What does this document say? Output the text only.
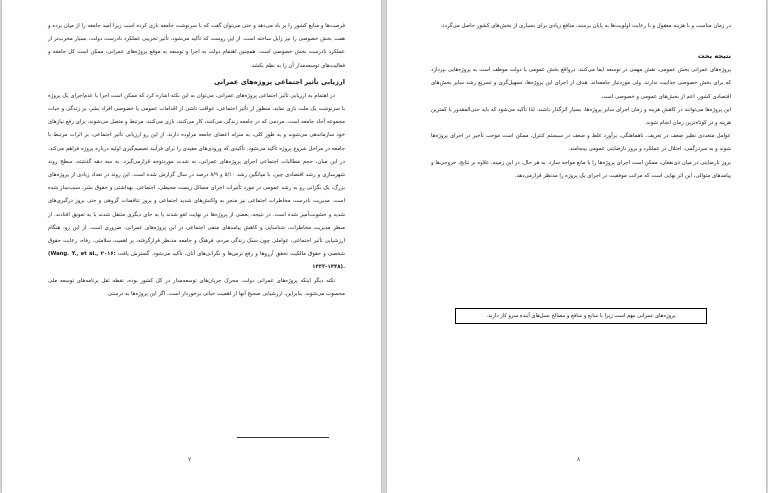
فرصت‌ها و منابع کشور را بر باد می‌دهد و حتی می‌توان گفت که با سرنوشت جامعه بازی کرده است زیرا امید جامعه را از میان برده و همت بخش خصوصی را نیز زایل ساخته است. از این روست که تأکید می‌شود، تأثیر تخریبی عملکرد نادرست دولت، بسیار مخرب‌تر از عملکرد نادرست بخش خصوصی است. همچنین اهتمام دولت به اجرا و توسعه به موقع پروژه‌های عمرانی، ممکن است کل جامعه و فعالیت‌های توسعه‌مدار آن را به نظم بکشد.

ارزیابی تأثیر اجتماعی پروژه‌های عمرانی

در اهتمام به ارزیابی تأثیر اجتماعی پروژه‌های عمرانی، می‌توان به این نکته اشاره کرد که ممکن است اجرا یا عدم‌اجرای یک پروژه با سرنوشت یک ملت بازی نماید. منظور از تأثیر اجتماعی، عواقب ناشی از اقدامات عمومی یا خصوصی افراد بشر، بر زندگی و حیات مجموعه آحاد جامعه است. مردمی که در جامعه زندگی می‌کنند، کار می‌کنند، بازی می‌کنند، مرتبط و متصل می‌شوند، برای رفع نیازهای خود سازماندهی می‌شوند و به طور کلی، به منزله اعضای جامعه مراوده دارند. از این رو ارزیابی تأثیر اجتماعی، بر اثرات مرتبط با جامعه در مراحل شروع پروژه تأکید می‌شود. تأکیدی که ورودی‌های مفیدی را برای فرآیند تصمیم‌گیری اولیه درباره پروژه فراهم می‌کند. در این میان، حجم مطالبات اجتماعی اجرای پروژه‌های عمرانی، به شدت موردتوجه قرارمی‌گیرد. به سه دهه گذشته، سطح روند شهرسازی و رشد اقتصادی چین، با میانگین رشد ۵/۱۰ و ۸/۹ درصد در سال گزارش شده است. این روند در تعداد زیادی از پروژه‌های بزرگ، یک نگرانی رو به رشد عمومی در مورد تأثیرات اجرای مسائل زیست محیطی، اجتماعی، بهداشتی و حقوق بشر، سبب‌ساز شده است. مدیریت نادرست مخاطرات اجتماعی نیز منجر به واکنش‌های شدید اجتماعی و بروز تناقضات گروهی و حتی بروز درگیری‌های شدید و خشونت‌آمیز شده است. در نتیجه، بعضی از پروژه‌ها در نهایت لغو شدند یا به جای دیگری منتقل شدند یا به تعویق افتادند. از منظر مدیریت مخاطرات، شناسایی و کاهش پیامدهای منفی اجتماعی در این پروژه‌های عمرانی، ضروری است. از این رو، هنگام ارزشیابی تأثیر اجتماعی، عواملی چون سبک زندگی مردم، فرهنگ و جامعه مدنظر قرارگرفته، بر اهمیت سلامتی، رفاه، رعایت حقوق شخصی و حقوق مالکیت تحقق آرزوها و رفع ترس‌ها و نگرانی‌های آنان، تأکید می‌شود. گسترش یافت (Wang. Y., et al., ۲۰۱۶: ۱۴۳۳-۱۴۴۸).

نکته دیگر اینکه پروژه‌های عمرانی دولت، محرک جریان‌های توسعه‌مدار در کل کشور بوده، نقطه ثقل برنامه‌های توسعه ملی محسوب می‌شوند. بنابراین، ارزشیابی صحیح آنها از اهمیت حیاتی برخوردار است. اگر این پروژه‌ها به درستی

۷

در زمان مناسب و با هزینه معقول و با رعایت اولویت‌ها به پایان برسند، منافع زیادی برای بسیاری از بخش‌های کشور حاصل می‌گردد.

نتیجه بحث

پروژه‌های عمرانی بخش عمومی، نقش مهمی در توسعه ایفا می‌کنند. درواقع بخش عمومی یا دولت موظف است به پروژه‌هایی بپردازد که برای بخش خصوصی جذابیت ندارند، ولی موردنیاز جامعه‌اند. هدف از اجرای این پروژه‌ها، تسهیل‌گری و تسریع رشد سایر بخش‌های اقتصادی کشور، اعم از بخش‌های عمومی و خصوصی است.

این پروژه‌ها می‌توانند در کاهش هزینه و زمان اجرای سایر پروژه‌ها، بسیار اثرگذار باشند. لذا تأکید می‌شود که باید حتی‌المقدور با کمترین هزینه و در کوتاه‌ترین زمان انجام شوند.

عوامل متعددی نظیر ضعف در تعریف، ناهماهنگی، برآورد غلط و ضعف در سیستم کنترل، ممکن است موجب تأخیر در اجرای پروژه‌ها شوند و به سردرگمی، اختلال در عملکرد و بروز نارضایتی عمومی بینجامند.

بروز نارضایتی در میان ذی‌نفعان، ممکن است اجرای پروژه‌ها را با مانع مواجه سازد. به هر حال، در این زمینه، علاوه بر نتایج، خروجی‌ها و پیامدهای متوالی، این اثر نهایی است که مراتب موفقیت در اجرای یک پروژه را مدنظر قرارمی‌دهد.

پروژه‌های عمرانی مهم است زیرا با منابع و منافع و مصالح نسل‌های آینده سرو کار دارند.
۸
